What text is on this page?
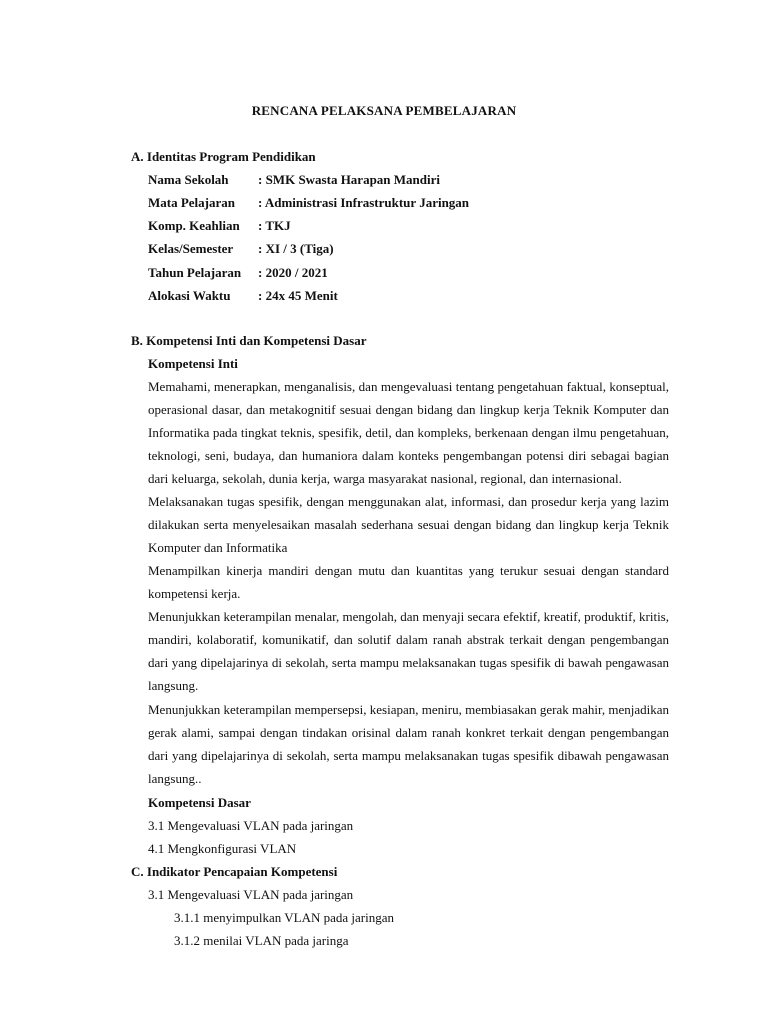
RENCANA PELAKSANA PEMBELAJARAN
A. Identitas Program Pendidikan
Nama Sekolah : SMK Swasta Harapan Mandiri
Mata Pelajaran : Administrasi Infrastruktur Jaringan
Komp. Keahlian : TKJ
Kelas/Semester : XI / 3 (Tiga)
Tahun Pelajaran : 2020 / 2021
Alokasi Waktu : 24x 45 Menit
B. Kompetensi Inti dan Kompetensi Dasar
Kompetensi Inti
Memahami, menerapkan, menganalisis, dan mengevaluasi tentang pengetahuan faktual, konseptual, operasional dasar, dan metakognitif sesuai dengan bidang dan lingkup kerja Teknik Komputer dan Informatika pada tingkat teknis, spesifik, detil, dan kompleks, berkenaan dengan ilmu pengetahuan, teknologi, seni, budaya, dan humaniora dalam konteks pengembangan potensi diri sebagai bagian dari keluarga, sekolah, dunia kerja, warga masyarakat nasional, regional, dan internasional.
Melaksanakan tugas spesifik, dengan menggunakan alat, informasi, dan prosedur kerja yang lazim dilakukan serta menyelesaikan masalah sederhana sesuai dengan bidang dan lingkup kerja Teknik Komputer dan Informatika
Menampilkan kinerja mandiri dengan mutu dan kuantitas yang terukur sesuai dengan standard kompetensi kerja.
Menunjukkan keterampilan menalar, mengolah, dan menyaji secara efektif, kreatif, produktif, kritis, mandiri, kolaboratif, komunikatif, dan solutif dalam ranah abstrak terkait dengan pengembangan dari yang dipelajarinya di sekolah, serta mampu melaksanakan tugas spesifik di bawah pengawasan langsung.
Menunjukkan keterampilan mempersepsi, kesiapan, meniru, membiasakan gerak mahir, menjadikan gerak alami, sampai dengan tindakan orisinal dalam ranah konkret terkait dengan pengembangan dari yang dipelajarinya di sekolah, serta mampu melaksanakan tugas spesifik dibawah pengawasan langsung..
Kompetensi Dasar
3.1 Mengevaluasi VLAN pada jaringan
4.1 Mengkonfigurasi VLAN
C. Indikator Pencapaian Kompetensi
3.1 Mengevaluasi VLAN pada jaringan
3.1.1 menyimpulkan VLAN pada jaringan
3.1.2 menilai VLAN pada jaringa
